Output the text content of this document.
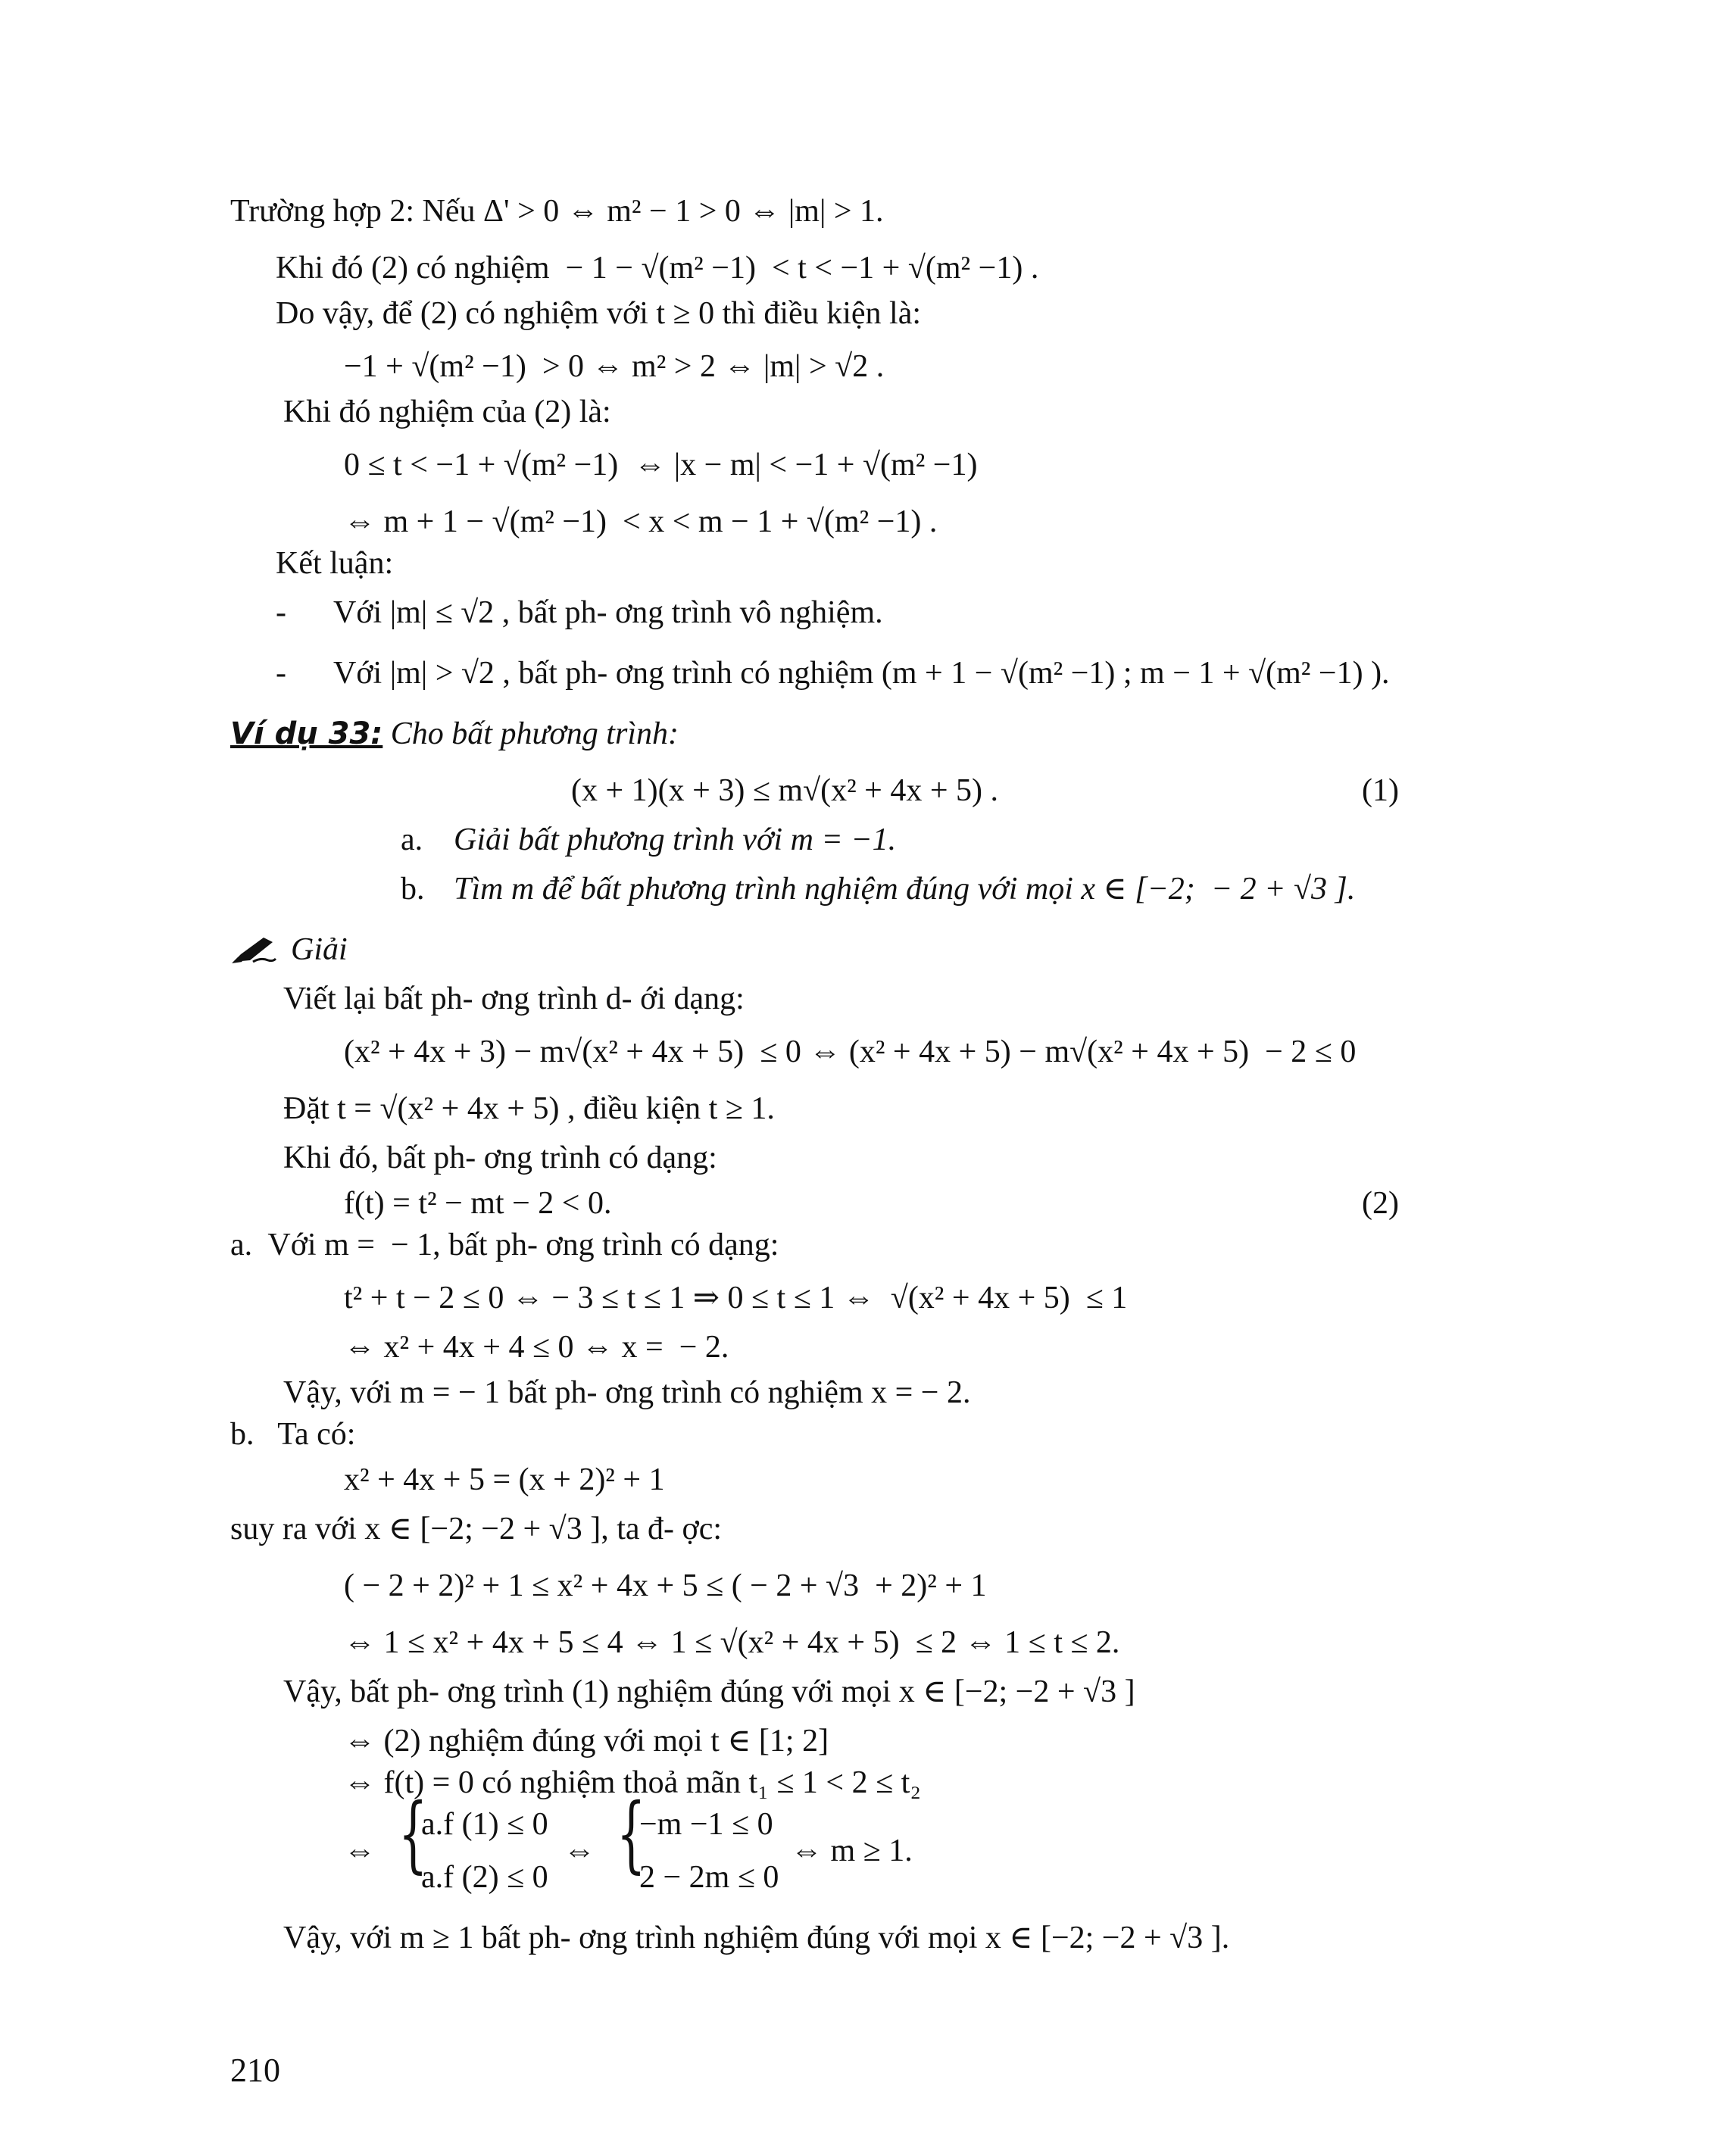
Trường hợp 2: Nếu Δ' > 0 ⇔ m² − 1 > 0 ⇔ |m| > 1.
Khi đó (2) có nghiệm  − 1 − √(m² −1)  < t < −1 + √(m² −1) .
Do vậy, để (2) có nghiệm với t ≥ 0 thì điều kiện là:
−1 + √(m² −1)  > 0 ⇔ m² > 2 ⇔ |m| > √2 .
Khi đó nghiệm của (2) là:
0 ≤ t < −1 + √(m² −1)  ⇔ |x − m| < −1 + √(m² −1)
⇔ m + 1 − √(m² −1)  < x < m − 1 + √(m² −1) .
Kết luận:
- Với |m| ≤ √2 , bất ph- ơng trình vô nghiệm.
- Với |m| > √2 , bất ph- ơng trình có nghiệm (m + 1 − √(m² −1) ; m − 1 + √(m² −1) ).
Ví dụ 33: Cho bất phương trình:
(x + 1)(x + 3) ≤ m√(x² + 4x + 5) .	(1)
a. Giải bất phương trình với m = −1.
b. Tìm m để bất phương trình nghiệm đúng với mọi x ∈ [−2;  − 2 + √3 ].
Giải
Viết lại bất ph- ơng trình d- ới dạng:
(x² + 4x + 3) − m√(x² + 4x + 5)  ≤ 0 ⇔ (x² + 4x + 5) − m√(x² + 4x + 5)  − 2 ≤ 0
Đặt t = √(x² + 4x + 5) , điều kiện t ≥ 1.
Khi đó, bất ph- ơng trình có dạng:
f(t) = t² − mt − 2 < 0.	(2)
a.  Với m =  − 1, bất ph- ơng trình có dạng:
t² + t − 2 ≤ 0 ⇔ − 3 ≤ t ≤ 1 ⇒ 0 ≤ t ≤ 1 ⇔  √(x² + 4x + 5)  ≤ 1
⇔ x² + 4x + 4 ≤ 0 ⇔ x =  − 2.
Vậy, với m = − 1 bất ph- ơng trình có nghiệm x = − 2.
b.   Ta có:
x² + 4x + 5 = (x + 2)² + 1
suy ra với x ∈ [−2; −2 + √3 ], ta đ- ợc:
( − 2 + 2)² + 1 ≤ x² + 4x + 5 ≤ ( − 2 + √3  + 2)² + 1
⇔ 1 ≤ x² + 4x + 5 ≤ 4 ⇔ 1 ≤ √(x² + 4x + 5)  ≤ 2 ⇔ 1 ≤ t ≤ 2.
Vậy, bất ph- ơng trình (1) nghiệm đúng với mọi x ∈ [−2; −2 + √3 ]
⇔ (2) nghiệm đúng với mọi t ∈ [1; 2]
⇔ f(t) = 0 có nghiệm thoả mãn t₁ ≤ 1 < 2 ≤ t₂
⇔ {
a.f (1) ≤ 0
a.f (2) ≤ 0
⇔ {
−m −1 ≤ 0
2 − 2m ≤ 0
⇔ m ≥ 1.
Vậy, với m ≥ 1 bất ph- ơng trình nghiệm đúng với mọi x ∈ [−2; −2 + √3 ].
210
